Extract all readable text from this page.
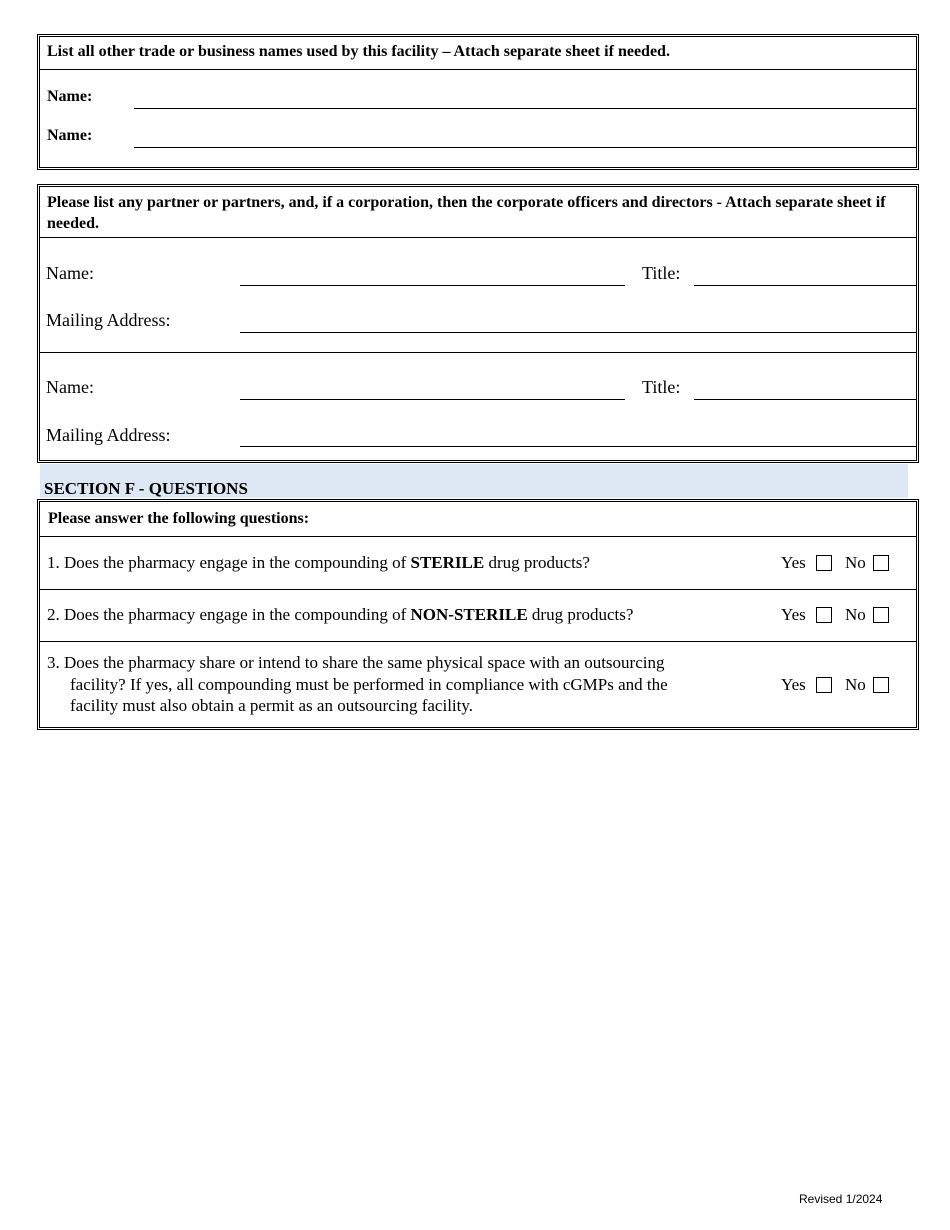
List all other trade or business names used by this facility – Attach separate sheet if needed.
Name:
Name:
Please list any partner or partners, and, if a corporation, then the corporate officers and directors - Attach separate sheet if needed.
Name:	Title:
Mailing Address:
Name:	Title:
Mailing Address:
SECTION F - QUESTIONS
Please answer the following questions:
1. Does the pharmacy engage in the compounding of STERILE drug products?	Yes No
2. Does the pharmacy engage in the compounding of NON-STERILE drug products?	Yes No
3. Does the pharmacy share or intend to share the same physical space with an outsourcing
facility? If yes, all compounding must be performed in compliance with cGMPs and the
facility must also obtain a permit as an outsourcing facility.
Yes No
Revised 1/2024
